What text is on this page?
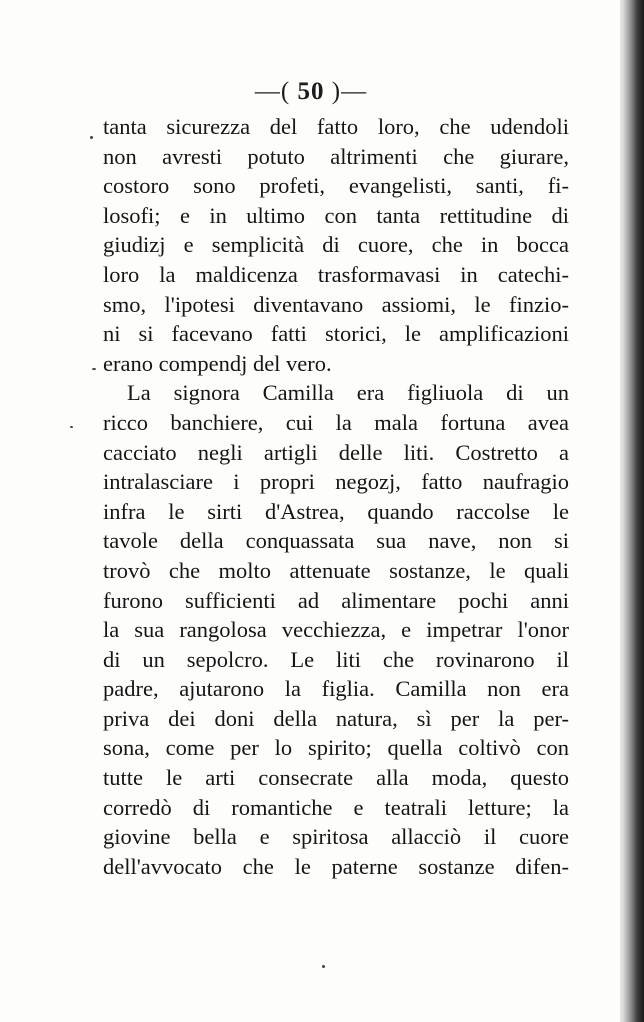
—( 50 )—
tanta sicurezza del fatto loro, che udendoli
non avresti potuto altrimenti che giurare,
costoro sono profeti, evangelisti, santi, fi-
losofi; e in ultimo con tanta rettitudine di
giudizj e semplicità di cuore, che in bocca
loro la maldicenza trasformavasi in catechi-
smo, l'ipotesi diventavano assiomi, le finzio-
ni si facevano fatti storici, le amplificazioni
erano compendj del vero.
La signora Camilla era figliuola di un
ricco banchiere, cui la mala fortuna avea
cacciato negli artigli delle liti. Costretto a
intralasciare i propri negozj, fatto naufragio
infra le sirti d'Astrea, quando raccolse le
tavole della conquassata sua nave, non si
trovò che molto attenuate sostanze, le quali
furono sufficienti ad alimentare pochi anni
la sua rangolosa vecchiezza, e impetrar l'onor
di un sepolcro. Le liti che rovinarono il
padre, ajutarono la figlia. Camilla non era
priva dei doni della natura, sì per la per-
sona, come per lo spirito; quella coltivò con
tutte le arti consecrate alla moda, questo
corredò di romantiche e teatrali letture; la
giovine bella e spiritosa allacciò il cuore
dell'avvocato che le paterne sostanze difen-
